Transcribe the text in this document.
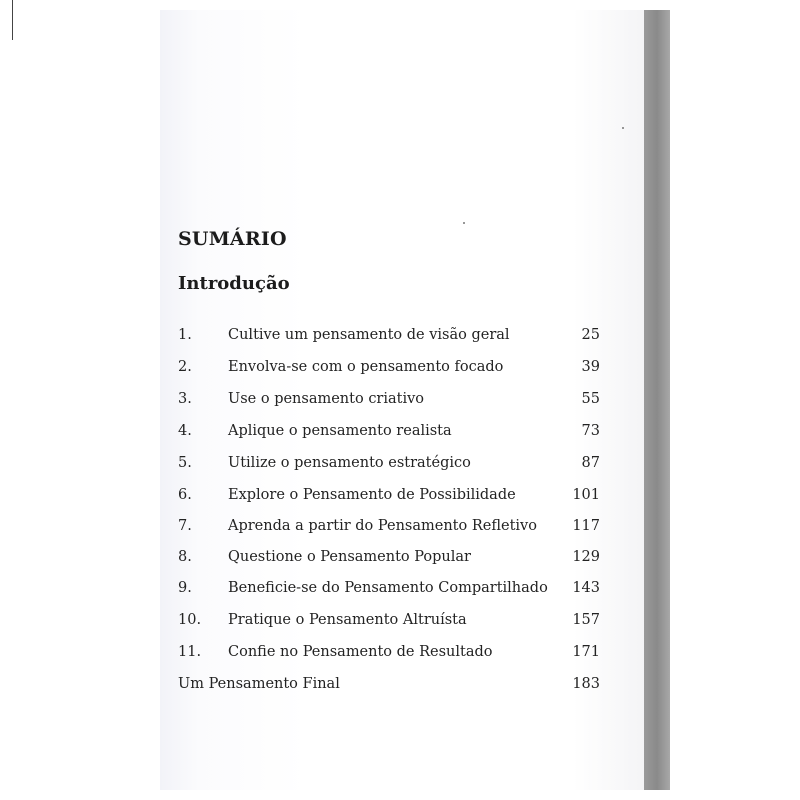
SUMÁRIO
Introdução
1. Cultive um pensamento de visão geral	25
2. Envolva-se com o pensamento focado	39
3. Use o pensamento criativo	55
4. Aplique o pensamento realista	73
5. Utilize o pensamento estratégico	87
6. Explore o Pensamento de Possibilidade	101
7. Aprenda a partir do Pensamento Refletivo 117
8. Questione o Pensamento Popular	129
9. Beneficie-se do Pensamento Compartilhado 143
10. Pratique o Pensamento Altruísta	157
11. Confie no Pensamento de Resultado	171
Um Pensamento Final	183
